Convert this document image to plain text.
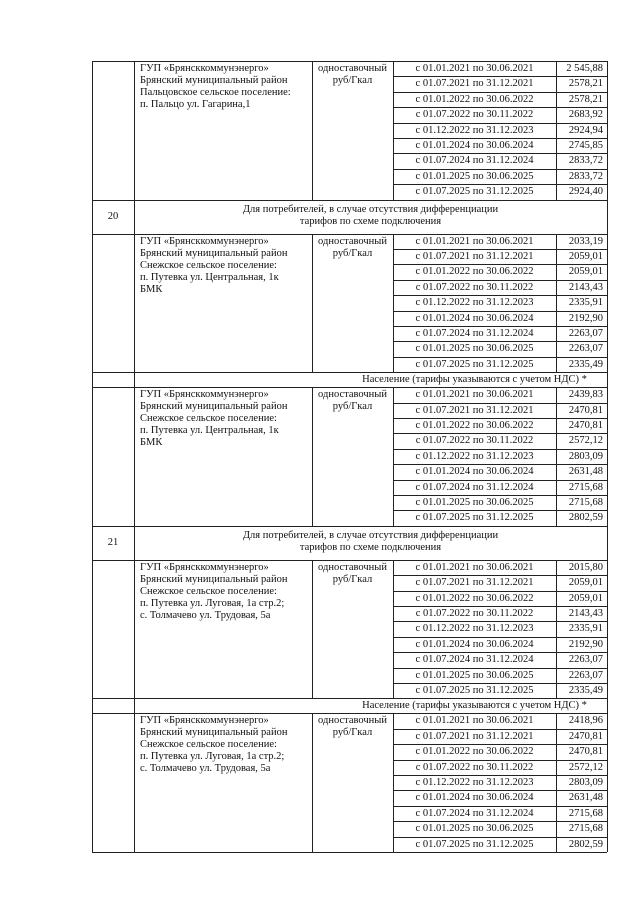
ГУП «Брянсккоммунэнерго»
Брянский муниципальный район
Пальцовское сельское поселение:
п. Пальцо ул. Гагарина,1
одноставочный
руб/Гкал
с 01.01.2021 по 30.06.2021	2 545,88
с 01.07.2021 по 31.12.2021	2578,21
с 01.01.2022 по 30.06.2022	2578,21
с 01.07.2022 по 30.11.2022	2683,92
с 01.12.2022 по 31.12.2023	2924,94
с 01.01.2024 по 30.06.2024	2745,85
с 01.07.2024 по 31.12.2024	2833,72
с 01.01.2025 по 30.06.2025	2833,72
с 01.07.2025 по 31.12.2025	2924,40
20
Для потребителей, в случае отсутствия дифференциации
тарифов по схеме подключения
ГУП «Брянсккоммунэнерго»
Брянский муниципальный район
Снежское сельское поселение:
п. Путевка ул. Центральная, 1к
БМК
одноставочный
руб/Гкал
с 01.01.2021 по 30.06.2021	2033,19
с 01.07.2021 по 31.12.2021	2059,01
с 01.01.2022 по 30.06.2022	2059,01
с 01.07.2022 по 30.11.2022	2143,43
с 01.12.2022 по 31.12.2023	2335,91
с 01.01.2024 по 30.06.2024	2192,90
с 01.07.2024 по 31.12.2024	2263,07
с 01.01.2025 по 30.06.2025	2263,07
с 01.07.2025 по 31.12.2025	2335,49
Население (тарифы указываются с учетом НДС) *
ГУП «Брянсккоммунэнерго»
Брянский муниципальный район
Снежское сельское поселение:
п. Путевка ул. Центральная, 1к
БМК
одноставочный
руб/Гкал
с 01.01.2021 по 30.06.2021	2439,83
с 01.07.2021 по 31.12.2021	2470,81
с 01.01.2022 по 30.06.2022	2470,81
с 01.07.2022 по 30.11.2022	2572,12
с 01.12.2022 по 31.12.2023	2803,09
с 01.01.2024 по 30.06.2024	2631,48
с 01.07.2024 по 31.12.2024	2715,68
с 01.01.2025 по 30.06.2025	2715,68
с 01.07.2025 по 31.12.2025	2802,59
21
Для потребителей, в случае отсутствия дифференциации
тарифов по схеме подключения
ГУП «Брянсккоммунэнерго»
Брянский муниципальный район
Снежское сельское поселение:
п. Путевка ул. Луговая, 1а стр.2;
с. Толмачево ул. Трудовая, 5а
одноставочный
руб/Гкал
с 01.01.2021 по 30.06.2021	2015,80
с 01.07.2021 по 31.12.2021	2059,01
с 01.01.2022 по 30.06.2022	2059,01
с 01.07.2022 по 30.11.2022	2143,43
с 01.12.2022 по 31.12.2023	2335,91
с 01.01.2024 по 30.06.2024	2192,90
с 01.07.2024 по 31.12.2024	2263,07
с 01.01.2025 по 30.06.2025	2263,07
с 01.07.2025 по 31.12.2025	2335,49
Население (тарифы указываются с учетом НДС) *
ГУП «Брянсккоммунэнерго»
Брянский муниципальный район
Снежское сельское поселение:
п. Путевка ул. Луговая, 1а стр.2;
с. Толмачево ул. Трудовая, 5а
одноставочный
руб/Гкал
с 01.01.2021 по 30.06.2021	2418,96
с 01.07.2021 по 31.12.2021	2470,81
с 01.01.2022 по 30.06.2022	2470,81
с 01.07.2022 по 30.11.2022	2572,12
с 01.12.2022 по 31.12.2023	2803,09
с 01.01.2024 по 30.06.2024	2631,48
с 01.07.2024 по 31.12.2024	2715,68
с 01.01.2025 по 30.06.2025	2715,68
с 01.07.2025 по 31.12.2025	2802,59
